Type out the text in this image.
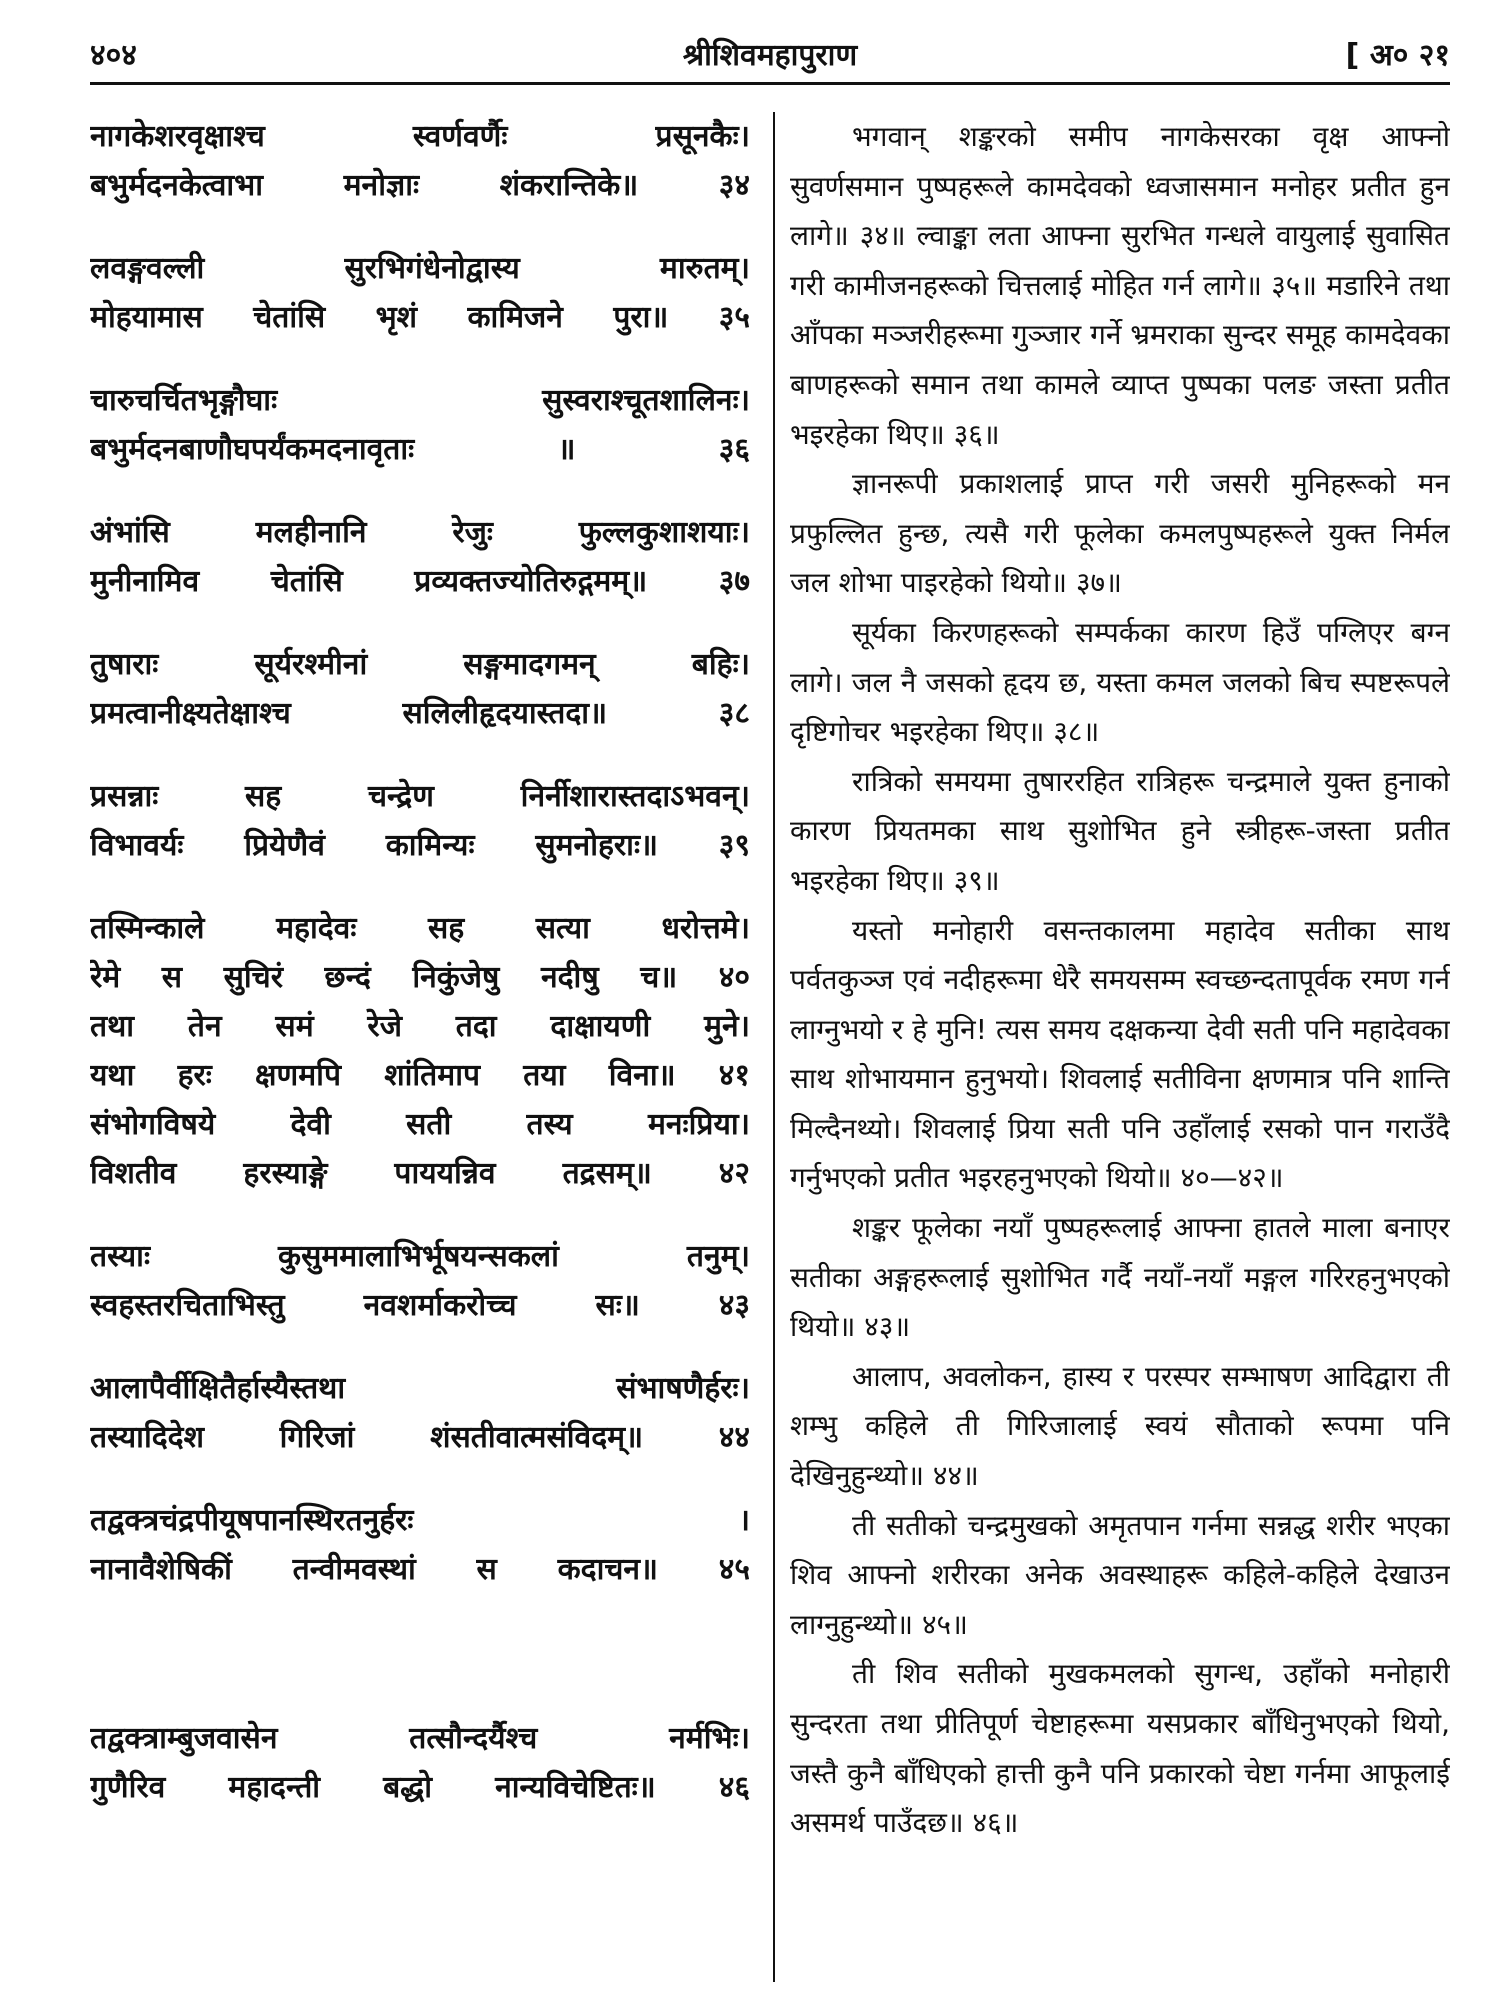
४०४	श्रीशिवमहापुराण	[ अ० २१
नागकेशरवृक्षाश्च स्वर्णवर्णैः प्रसूनकैः।
बभुर्मदनकेत्वाभा मनोज्ञाः शंकरान्तिके॥ ३४
लवङ्गवल्ली सुरभिगंधेनोद्वास्य मारुतम्।
मोहयामास चेतांसि भृशं कामिजने पुरा॥ ३५
चारुचर्चितभृङ्गौघाः सुस्वराश्चूतशालिनः।
बभुर्मदनबाणौघपर्यंकमदनावृताः ॥ ३६
अंभांसि मलहीनानि रेजुः फुल्लकुशाशयाः।
मुनीनामिव चेतांसि प्रव्यक्तज्योतिरुद्गमम्॥ ३७
तुषाराः सूर्यरश्मीनां सङ्गमादगमन् बहिः।
प्रमत्वानीक्ष्यतेक्षाश्च सलिलीहृदयास्तदा॥ ३८
प्रसन्नाः सह चन्द्रेण निर्नीशारास्तदाऽभवन्।
विभावर्यः प्रियेणैवं कामिन्यः सुमनोहराः॥ ३९
तस्मिन्काले महादेवः सह सत्या धरोत्तमे।
रेमे स सुचिरं छन्दं निकुंजेषु नदीषु च॥ ४०
तथा तेन समं रेजे तदा दाक्षायणी मुने।
यथा हरः क्षणमपि शांतिमाप तया विना॥ ४१
संभोगविषये देवी सती तस्य मनःप्रिया।
विशतीव हरस्याङ्गे पाययन्निव तद्रसम्॥ ४२
तस्याः कुसुममालाभिर्भूषयन्सकलां तनुम्।
स्वहस्तरचिताभिस्तु नवशर्माकरोच्च सः॥ ४३
आलापैर्वीक्षितैर्हास्यैस्तथा संभाषणैर्हरः।
तस्यादिदेश गिरिजां शंसतीवात्मसंविदम्॥ ४४
तद्वक्त्रचंद्रपीयूषपानस्थिरतनुर्हरः ।
नानावैशेषिकीं तन्वीमवस्थां स कदाचन॥ ४५
तद्वक्त्राम्बुजवासेन तत्सौन्दर्यैश्च नर्मभिः।
गुणैरिव महादन्ती बद्धो नान्यविचेष्टितः॥ ४६

भगवान् शङ्करको समीप नागकेसरका वृक्ष आफ्नो सुवर्णसमान पुष्पहरूले कामदेवको ध्वजासमान मनोहर प्रतीत हुन लागे॥ ३४॥ ल्वाङ्का लता आफ्ना सुरभित गन्धले वायुलाई सुवासित गरी कामीजनहरूको चित्तलाई मोहित गर्न लागे॥ ३५॥ मडारिने तथा आँपका मञ्जरीहरूमा गुञ्जार गर्ने भ्रमराका सुन्दर समूह कामदेवका बाणहरूको समान तथा कामले व्याप्त पुष्पका पलङ जस्ता प्रतीत भइरहेका थिए॥ ३६॥

ज्ञानरूपी प्रकाशलाई प्राप्त गरी जसरी मुनिहरूको मन प्रफुल्लित हुन्छ, त्यसै गरी फूलेका कमलपुष्पहरूले युक्त निर्मल जल शोभा पाइरहेको थियो॥ ३७॥

सूर्यका किरणहरूको सम्पर्कका कारण हिउँ पग्लिएर बग्न लागे। जल नै जसको हृदय छ, यस्ता कमल जलको बिच स्पष्टरूपले दृष्टिगोचर भइरहेका थिए॥ ३८॥

रात्रिको समयमा तुषाररहित रात्रिहरू चन्द्रमाले युक्त हुनाको कारण प्रियतमका साथ सुशोभित हुने स्त्रीहरू-जस्ता प्रतीत भइरहेका थिए॥ ३९॥

यस्तो मनोहारी वसन्तकालमा महादेव सतीका साथ पर्वतकुञ्ज एवं नदीहरूमा धेरै समयसम्म स्वच्छन्दतापूर्वक रमण गर्न लाग्नुभयो र हे मुनि! त्यस समय दक्षकन्या देवी सती पनि महादेवका साथ शोभायमान हुनुभयो। शिवलाई सतीविना क्षणमात्र पनि शान्ति मिल्दैनथ्यो। शिवलाई प्रिया सती पनि उहाँलाई रसको पान गराउँदै गर्नुभएको प्रतीत भइरहनुभएको थियो॥ ४०—४२॥

शङ्कर फूलेका नयाँ पुष्पहरूलाई आफ्ना हातले माला बनाएर सतीका अङ्गहरूलाई सुशोभित गर्दै नयाँ-नयाँ मङ्गल गरिरहनुभएको थियो॥ ४३॥

आलाप, अवलोकन, हास्य र परस्पर सम्भाषण आदिद्वारा ती शम्भु कहिले ती गिरिजालाई स्वयं सौताको रूपमा पनि देखिनुहुन्थ्यो॥ ४४॥

ती सतीको चन्द्रमुखको अमृतपान गर्नमा सन्नद्ध शरीर भएका शिव आफ्नो शरीरका अनेक अवस्थाहरू कहिले-कहिले देखाउन लाग्नुहुन्थ्यो॥ ४५॥

ती शिव सतीको मुखकमलको सुगन्ध, उहाँको मनोहारी सुन्दरता तथा प्रीतिपूर्ण चेष्टाहरूमा यसप्रकार बाँधिनुभएको थियो, जस्तै कुनै बाँधिएको हात्ती कुनै पनि प्रकारको चेष्टा गर्नमा आफूलाई असमर्थ पाउँदछ॥ ४६॥
